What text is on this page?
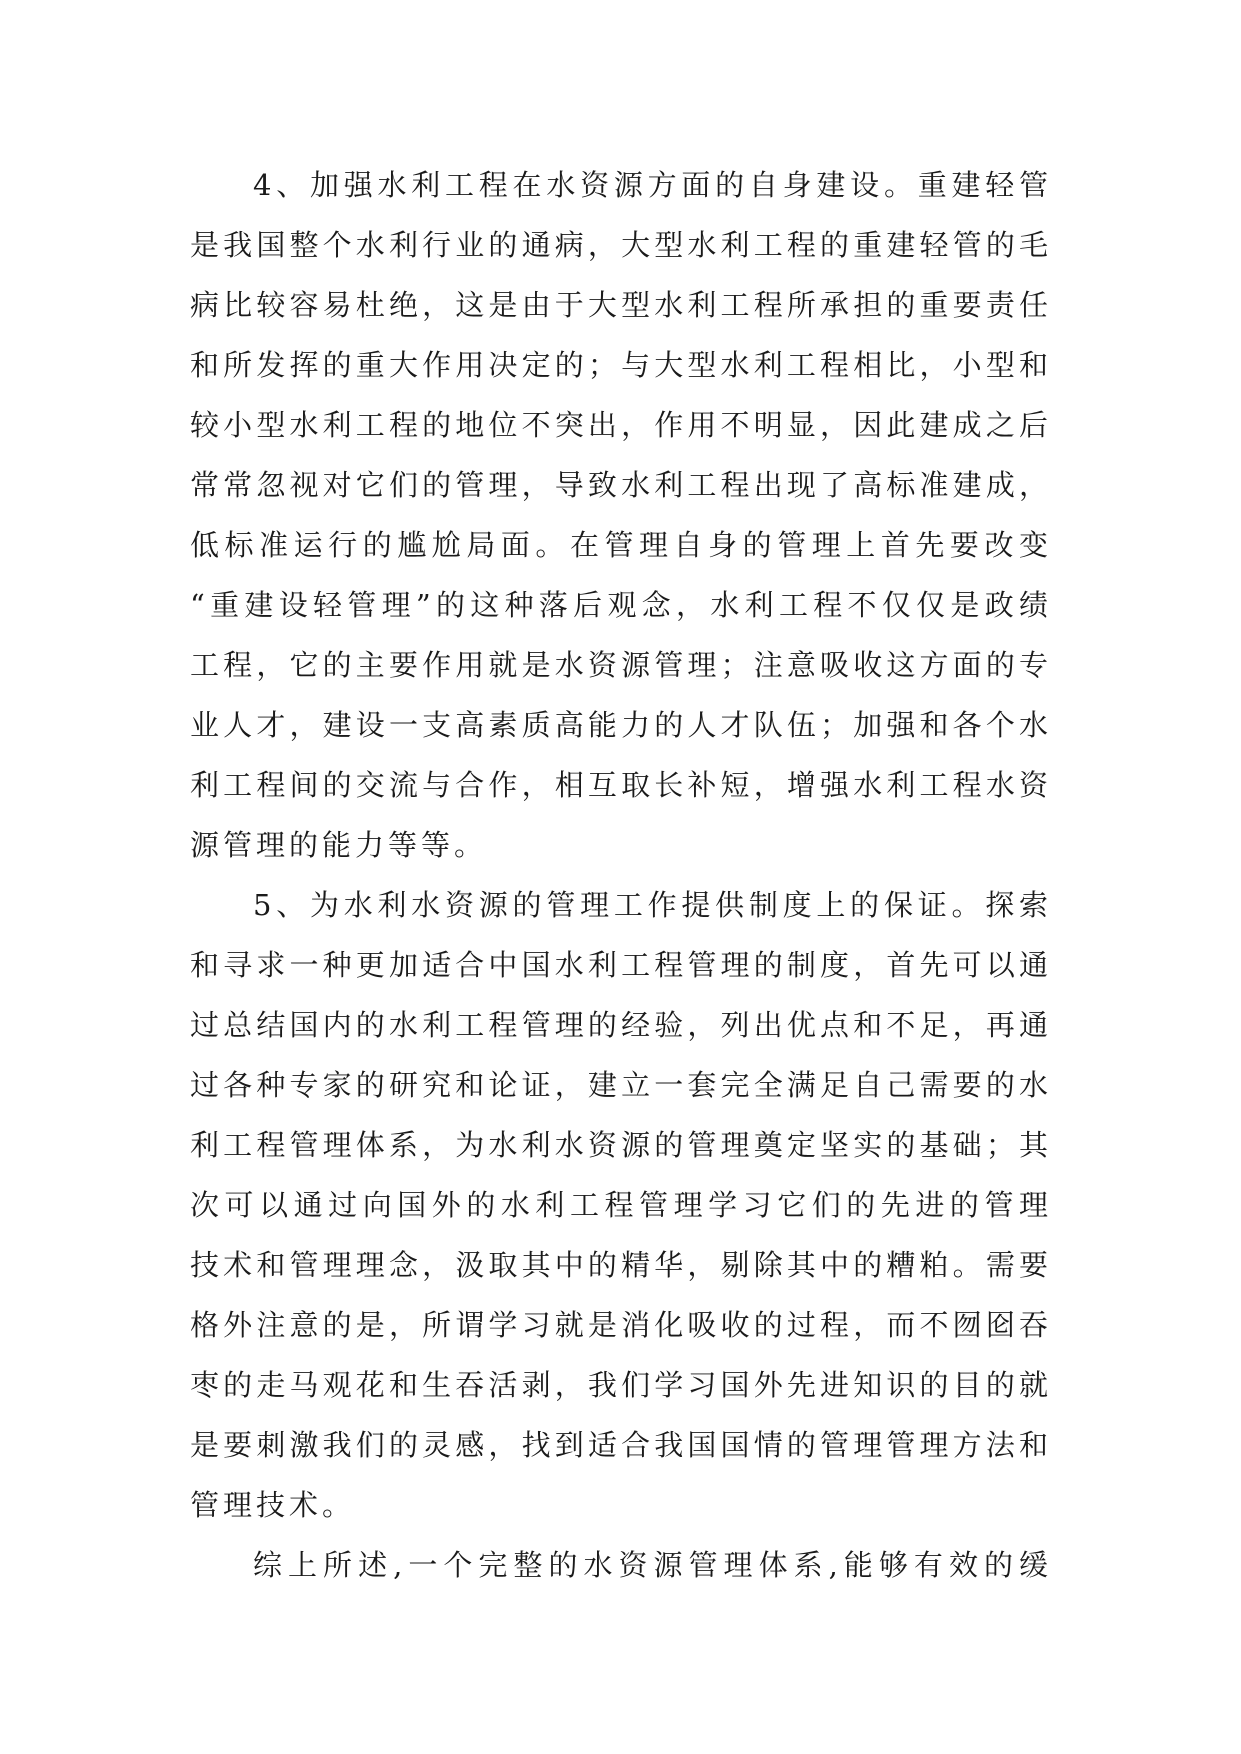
4、加强水利工程在水资源方面的自身建设。重建轻管
是我国整个水利行业的通病，大型水利工程的重建轻管的毛
病比较容易杜绝，这是由于大型水利工程所承担的重要责任
和所发挥的重大作用决定的；与大型水利工程相比，小型和
较小型水利工程的地位不突出，作用不明显，因此建成之后
常常忽视对它们的管理，导致水利工程出现了高标准建成，
低标准运行的尴尬局面。在管理自身的管理上首先要改变
“重建设轻管理”的这种落后观念，水利工程不仅仅是政绩
工程，它的主要作用就是水资源管理；注意吸收这方面的专
业人才，建设一支高素质高能力的人才队伍；加强和各个水
利工程间的交流与合作，相互取长补短，增强水利工程水资
源管理的能力等等。
5、为水利水资源的管理工作提供制度上的保证。探索
和寻求一种更加适合中国水利工程管理的制度，首先可以通
过总结国内的水利工程管理的经验，列出优点和不足，再通
过各种专家的研究和论证，建立一套完全满足自己需要的水
利工程管理体系，为水利水资源的管理奠定坚实的基础；其
次可以通过向国外的水利工程管理学习它们的先进的管理
技术和管理理念，汲取其中的精华，剔除其中的糟粕。需要
格外注意的是，所谓学习就是消化吸收的过程，而不囫囵吞
枣的走马观花和生吞活剥，我们学习国外先进知识的目的就
是要刺激我们的灵感，找到适合我国国情的管理管理方法和
管理技术。
综上所述,一个完整的水资源管理体系,能够有效的缓
